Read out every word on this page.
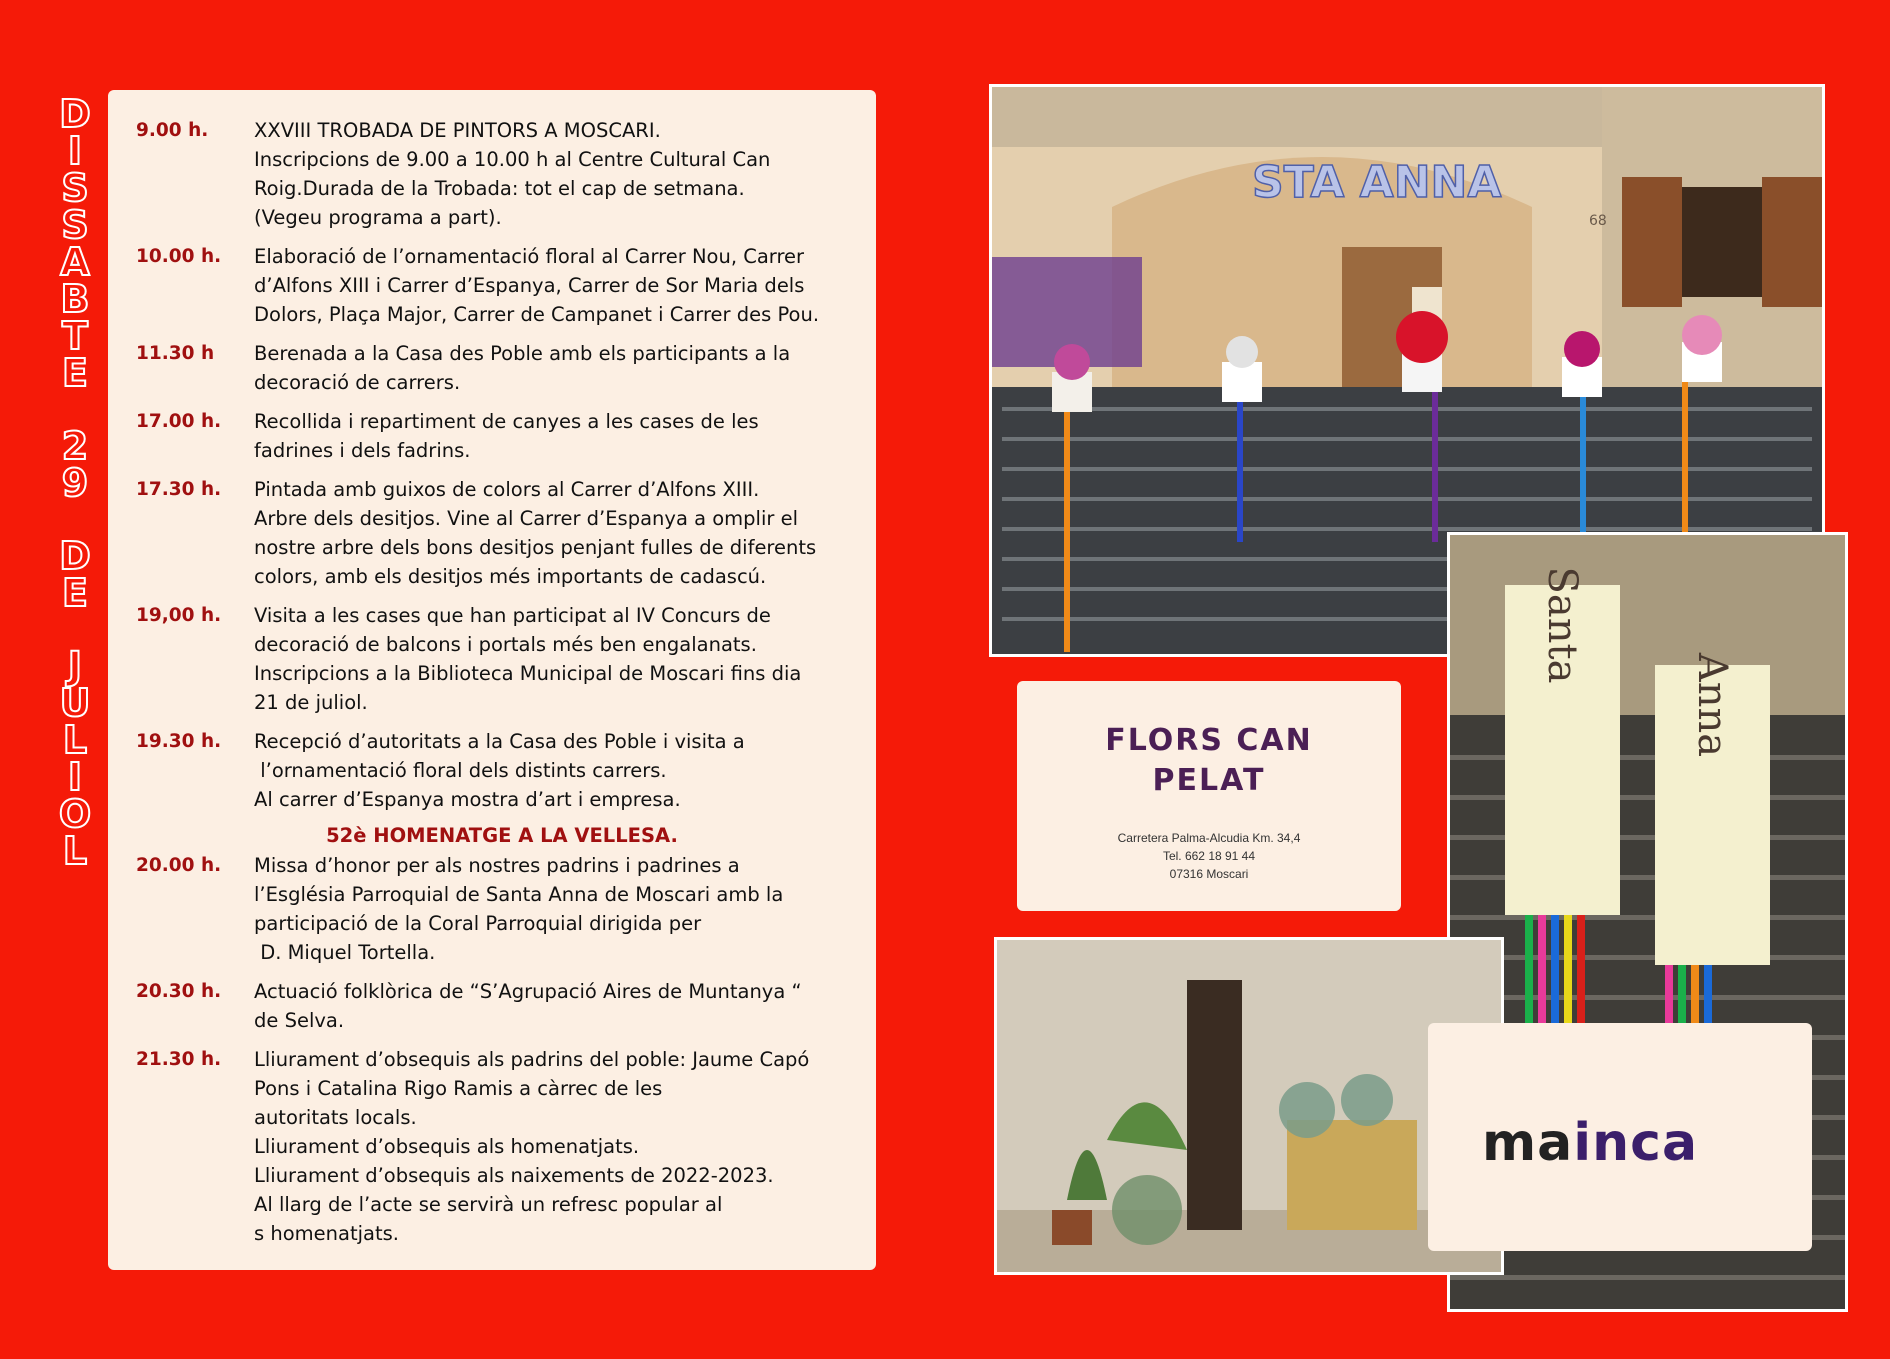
D
I
S
S
A
B
T
E
2
9
D
E
J
U
L
I
O
L
9.00 h.	XXVIII TROBADA DE PINTORS A MOSCARI.
Inscripcions de 9.00 a 10.00 h al Centre Cultural Can
Roig.Durada de la Trobada: tot el cap de setmana.
(Vegeu programa a part).
10.00 h.	Elaboració de l’ornamentació floral al Carrer Nou, Carrer
d’Alfons XIII i Carrer d’Espanya, Carrer de Sor Maria dels
Dolors, Plaça Major, Carrer de Campanet i Carrer des Pou.
11.30 h	Berenada a la Casa des Poble amb els participants a la
decoració de carrers.
17.00 h.	Recollida i repartiment de canyes a les cases de les
fadrines i dels fadrins.
17.30 h.	Pintada amb guixos de colors al Carrer d’Alfons XIII.
Arbre dels desitjos. Vine al Carrer d’Espanya a omplir el
nostre arbre dels bons desitjos penjant fulles de diferents
colors, amb els desitjos més importants de cadascú.
19,00 h.	Visita a les cases que han participat al IV Concurs de
decoració de balcons i portals més ben engalanats.
Inscripcions a la Biblioteca Municipal de Moscari fins dia
21 de juliol.
19.30 h.	Recepció d’autoritats a la Casa des Poble i visita a
l’ornamentació floral dels distints carrers.
Al carrer d’Espanya mostra d’art i empresa.
52è HOMENATGE A LA VELLESA.
20.00 h.	Missa d’honor per als nostres padrins i padrines a
l’Església Parroquial de Santa Anna de Moscari amb la
participació de la Coral Parroquial dirigida per
D. Miquel Tortella.
20.30 h.	Actuació folklòrica de “S’Agrupació Aires de Muntanya “
de Selva.
21.30 h.	Lliurament d’obsequis als padrins del poble: Jaume Capó
Pons i Catalina Rigo Ramis a càrrec de les
autoritats locals.
Lliurament d’obsequis als homenatjats.
Lliurament d’obsequis als naixements de 2022-2023.
Al llarg de l’acte se servirà un refresc popular al
s homenatjats.
STA ANNA
68
Santa
Anna
FLORS CAN
PELAT
Carretera Palma-Alcudia Km. 34,4
Tel. 662 18 91 44
07316 Moscari
mainca
